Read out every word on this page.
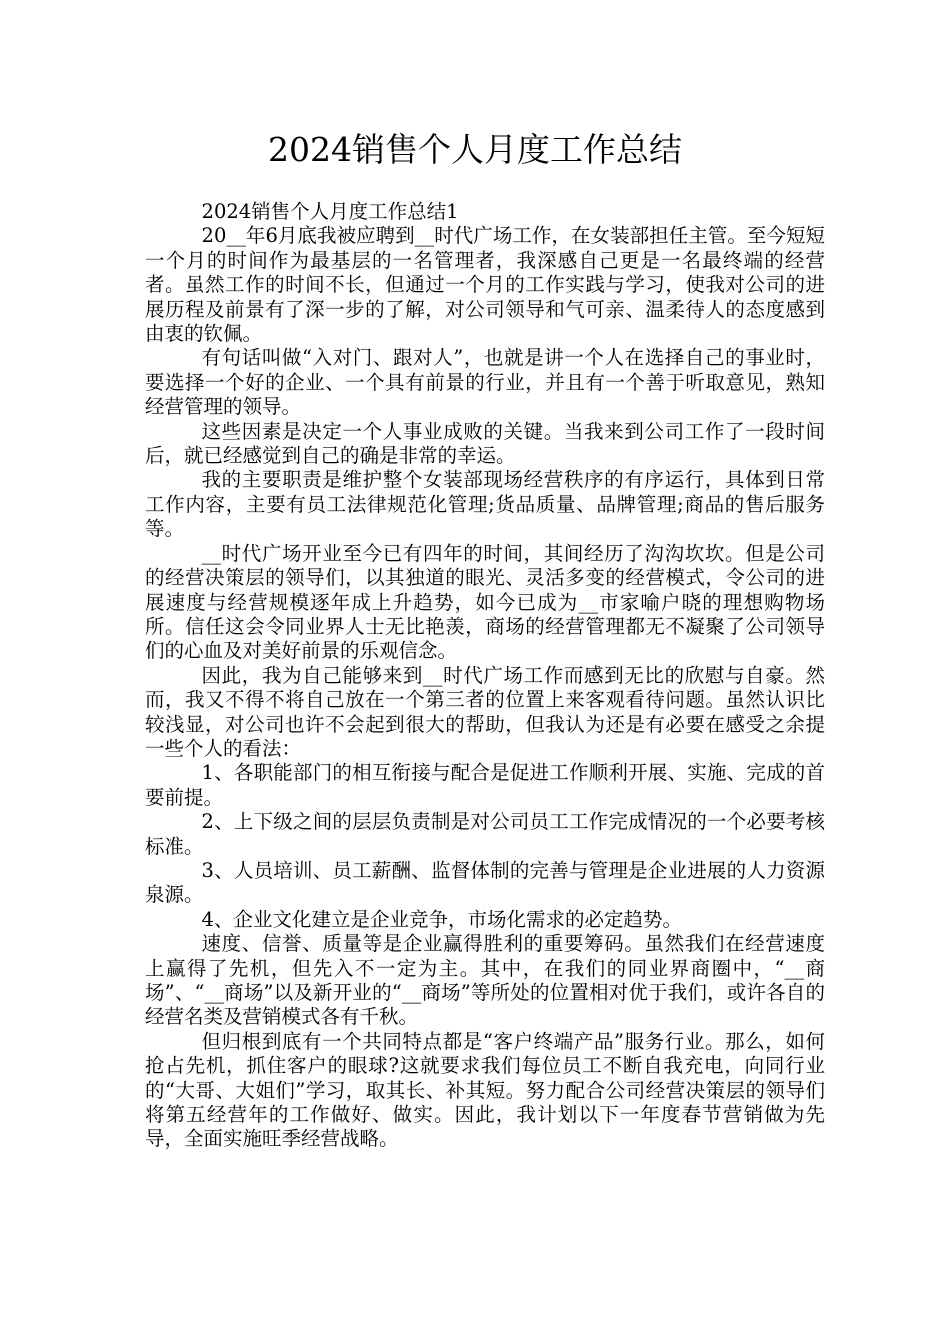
2024销售个人月度工作总结

2024销售个人月度工作总结1

20__年6月底我被应聘到__时代广场工作，在女装部担任主管。至今短短一个月的时间作为最基层的一名管理者，我深感自己更是一名最终端的经营者。虽然工作的时间不长，但通过一个月的工作实践与学习，使我对公司的进展历程及前景有了深一步的了解，对公司领导和气可亲、温柔待人的态度感到由衷的钦佩。

有句话叫做“入对门、跟对人”，也就是讲一个人在选择自己的事业时，要选择一个好的企业、一个具有前景的行业，并且有一个善于听取意见，熟知经营管理的领导。

这些因素是决定一个人事业成败的关键。当我来到公司工作了一段时间后，就已经感觉到自己的确是非常的幸运。

我的主要职责是维护整个女装部现场经营秩序的有序运行，具体到日常工作内容，主要有员工法律规范化管理;货品质量、品牌管理;商品的售后服务等。

__时代广场开业至今已有四年的时间，其间经历了沟沟坎坎。但是公司的经营决策层的领导们，以其独道的眼光、灵活多变的经营模式，令公司的进展速度与经营规模逐年成上升趋势，如今已成为__市家喻户晓的理想购物场所。信任这会令同业界人士无比艳羡，商场的经营管理都无不凝聚了公司领导们的心血及对美好前景的乐观信念。

因此，我为自己能够来到__时代广场工作而感到无比的欣慰与自豪。然而，我又不得不将自己放在一个第三者的位置上来客观看待问题。虽然认识比较浅显，对公司也许不会起到很大的帮助，但我认为还是有必要在感受之余提一些个人的看法：

1、各职能部门的相互衔接与配合是促进工作顺利开展、实施、完成的首要前提。

2、上下级之间的层层负责制是对公司员工工作完成情况的一个必要考核标准。

3、人员培训、员工薪酬、监督体制的完善与管理是企业进展的人力资源泉源。

4、企业文化建立是企业竞争，市场化需求的必定趋势。

速度、信誉、质量等是企业赢得胜利的重要筹码。虽然我们在经营速度上赢得了先机，但先入不一定为主。其中，在我们的同业界商圈中，“__商场”、“__商场”以及新开业的“__商场”等所处的位置相对优于我们，或许各自的经营名类及营销模式各有千秋。

但归根到底有一个共同特点都是“客户终端产品”服务行业。那么，如何抢占先机，抓住客户的眼球?这就要求我们每位员工不断自我充电，向同行业的“大哥、大姐们”学习，取其长、补其短。努力配合公司经营决策层的领导们将第五经营年的工作做好、做实。因此，我计划以下一年度春节营销做为先导，全面实施旺季经营战略。
